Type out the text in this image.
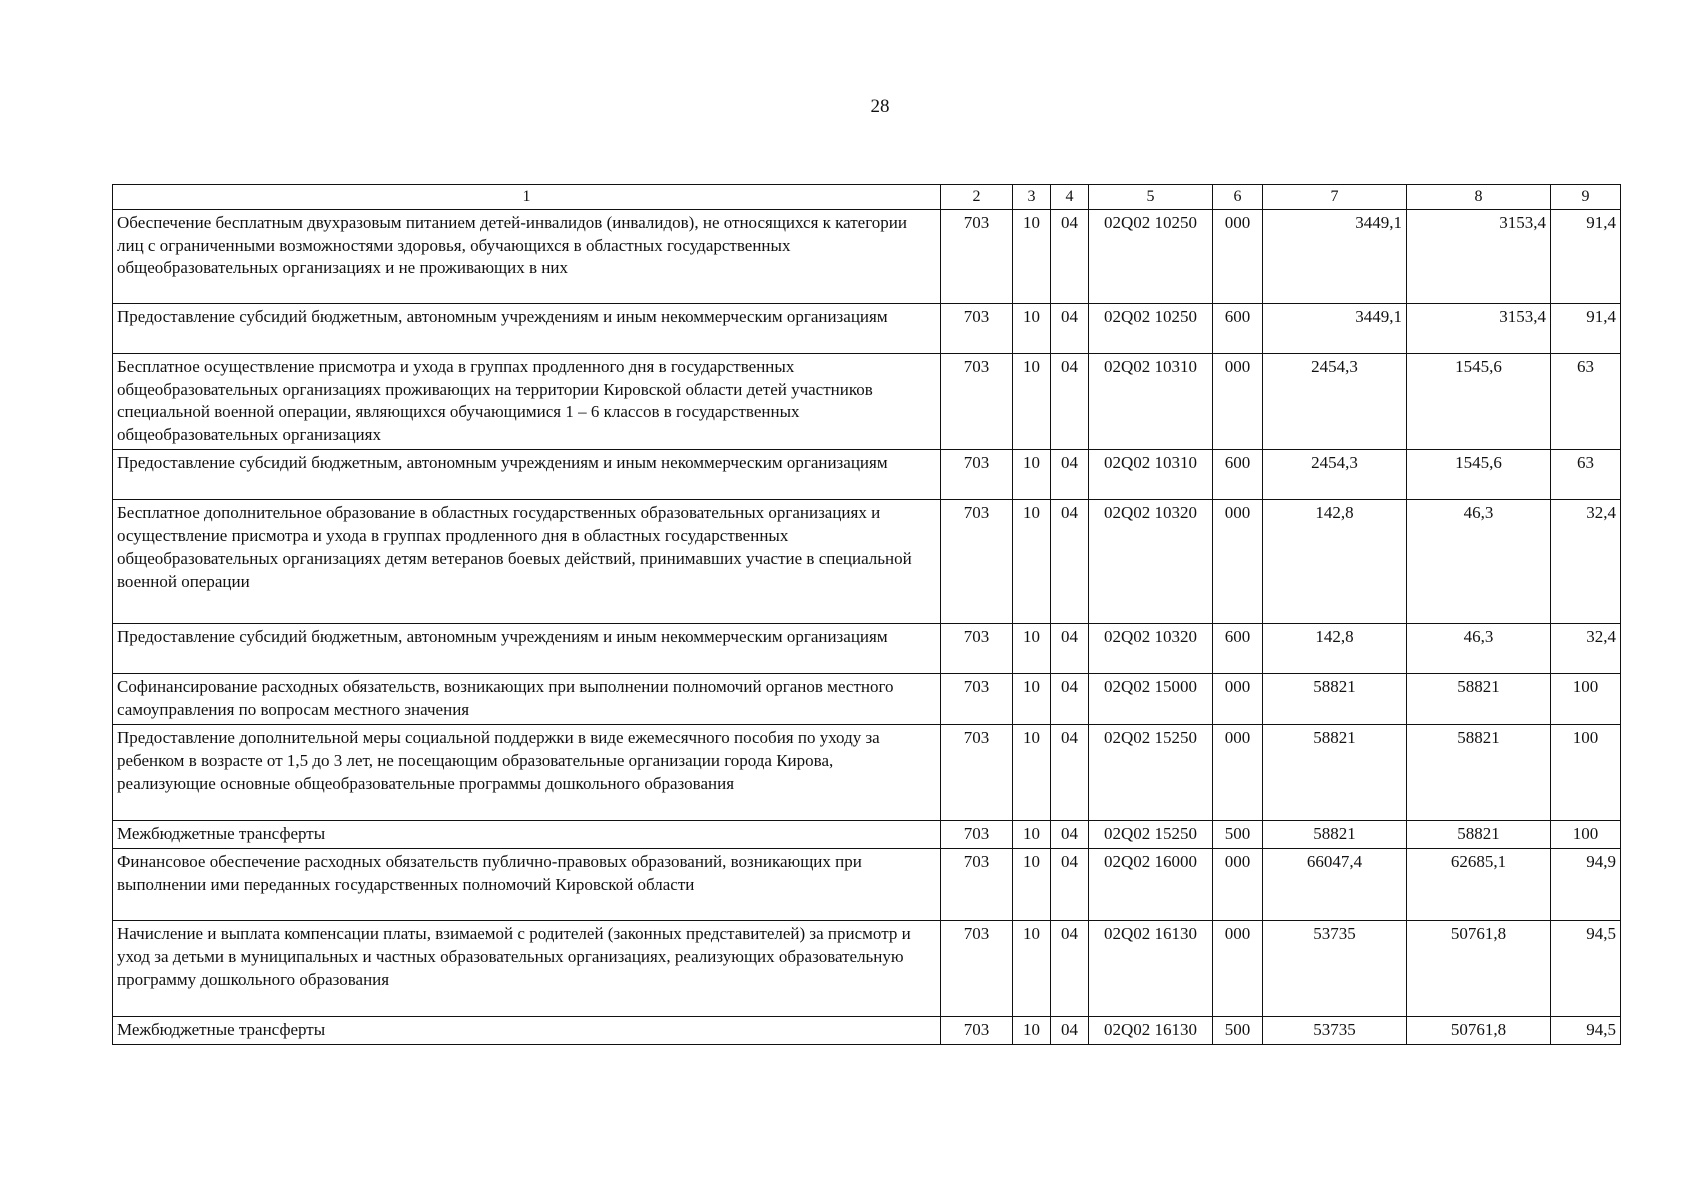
28
1	2	3	4	5	6	7	8	9
Обеспечение бесплатным двухразовым питанием детей-инвалидов (инвалидов), не относящихся к категории лиц с ограниченными возможностями здоровья, обучающихся в областных государственных общеобразовательных организациях и не проживающих в них	703	10	04	02Q02 10250	000	3449,1	3153,4	91,4
Предоставление субсидий бюджетным, автономным учреждениям и иным некоммерческим организациям	703	10	04	02Q02 10250	600	3449,1	3153,4	91,4
Бесплатное осуществление присмотра и ухода в группах продленного дня в государственных общеобразовательных организациях проживающих на территории Кировской области детей участников специальной военной операции, являющихся обучающимися 1 – 6 классов в государственных общеобразовательных организациях	703	10	04	02Q02 10310	000	2454,3	1545,6	63
Предоставление субсидий бюджетным, автономным учреждениям и иным некоммерческим организациям	703	10	04	02Q02 10310	600	2454,3	1545,6	63
Бесплатное дополнительное образование в областных государственных образовательных организациях и осуществление присмотра и ухода в группах продленного дня в областных государственных общеобразовательных организациях детям ветеранов боевых действий, принимавших участие в специальной военной операции	703	10	04	02Q02 10320	000	142,8	46,3	32,4
Предоставление субсидий бюджетным, автономным учреждениям и иным некоммерческим организациям	703	10	04	02Q02 10320	600	142,8	46,3	32,4
Софинансирование расходных обязательств, возникающих при выполнении полномочий органов местного самоуправления по вопросам местного значения	703	10	04	02Q02 15000	000	58821	58821	100
Предоставление дополнительной меры социальной поддержки в виде ежемесячного пособия по уходу за ребенком в возрасте от 1,5 до 3 лет, не посещающим образовательные организации города Кирова, реализующие основные общеобразовательные программы дошкольного образования	703	10	04	02Q02 15250	000	58821	58821	100
Межбюджетные трансферты	703	10	04	02Q02 15250	500	58821	58821	100
Финансовое обеспечение расходных обязательств публично-правовых образований, возникающих при выполнении ими переданных государственных полномочий Кировской области	703	10	04	02Q02 16000	000	66047,4	62685,1	94,9
Начисление и выплата компенсации платы, взимаемой с родителей (законных представителей) за присмотр и уход за детьми в муниципальных и частных образовательных организациях, реализующих образовательную программу дошкольного образования	703	10	04	02Q02 16130	000	53735	50761,8	94,5
Межбюджетные трансферты	703	10	04	02Q02 16130	500	53735	50761,8	94,5
